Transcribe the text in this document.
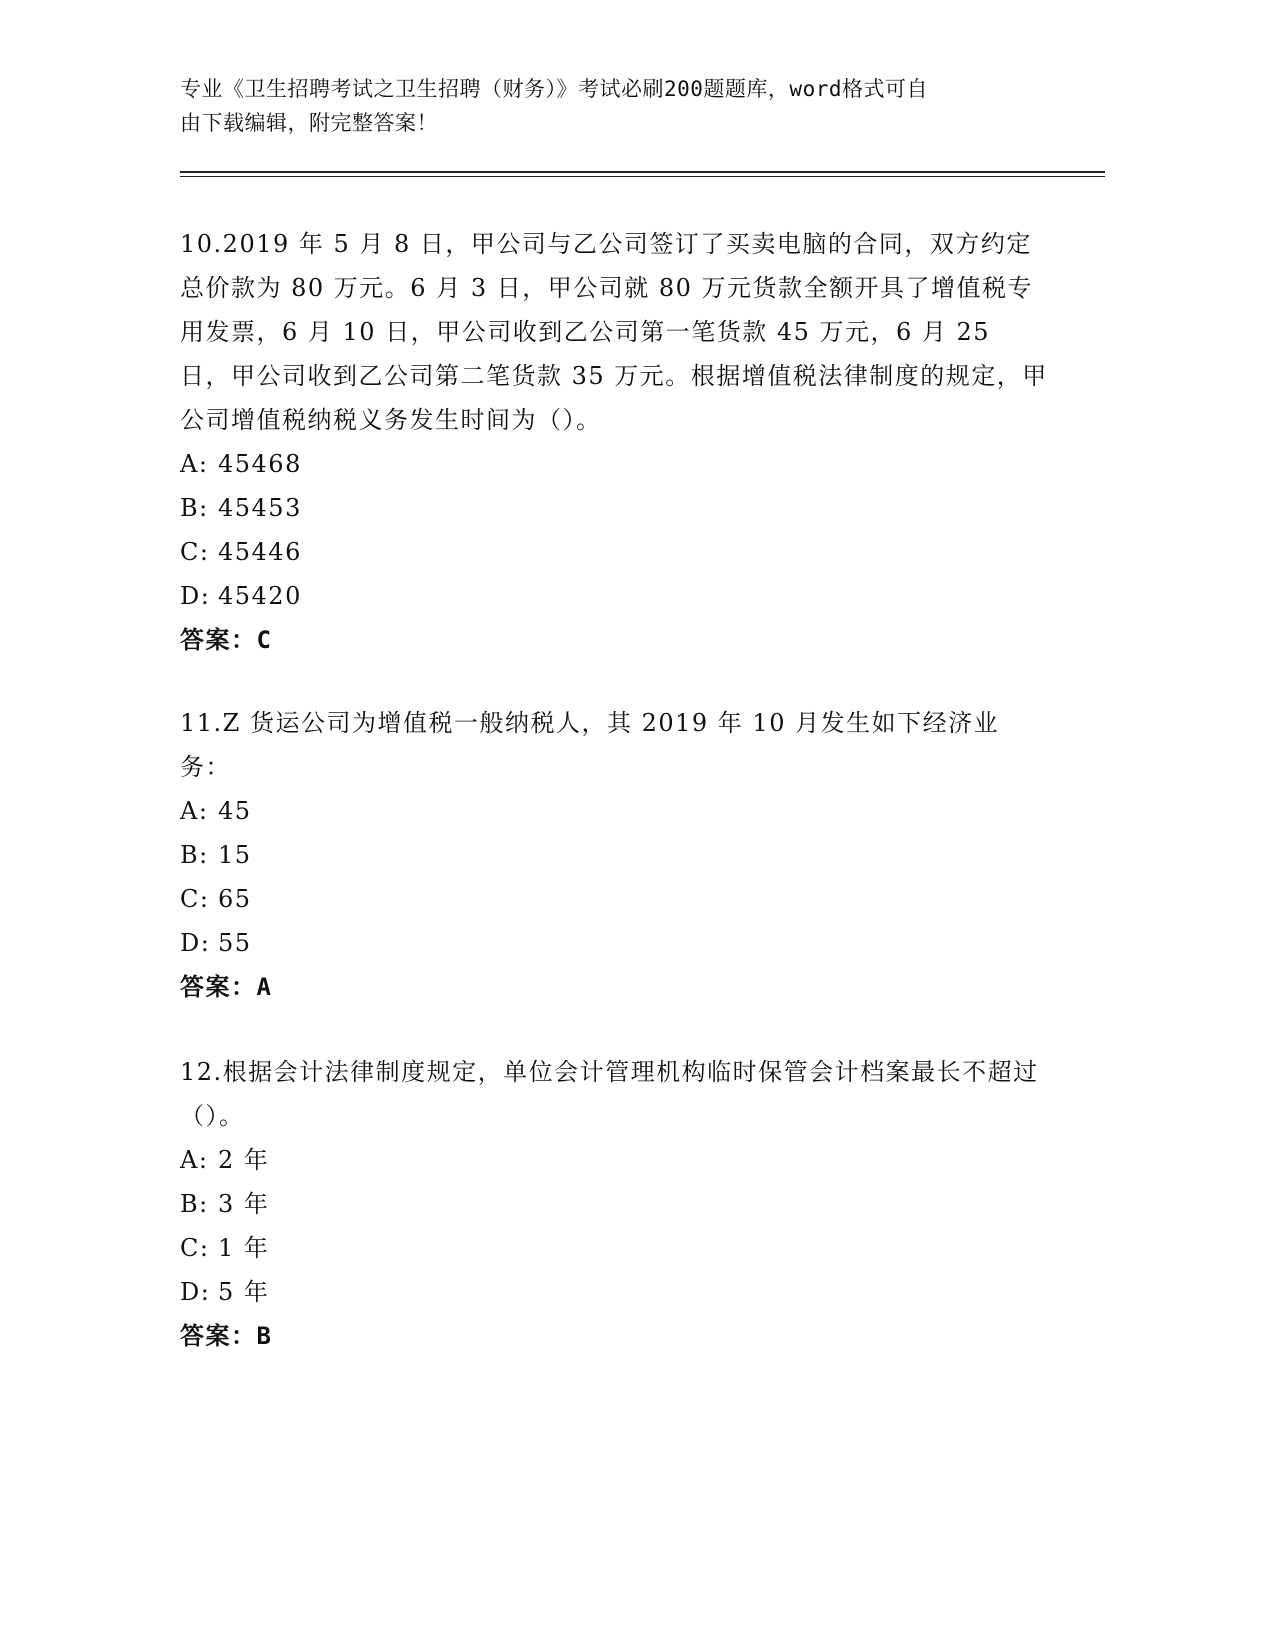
专业《卫生招聘考试之卫生招聘（财务）》考试必刷200题题库，word格式可自
由下载编辑，附完整答案！

10.2019 年 5 月 8 日，甲公司与乙公司签订了买卖电脑的合同，双方约定总价款为 80 万元。6 月 3 日，甲公司就 80 万元货款全额开具了增值税专用发票，6 月 10 日，甲公司收到乙公司第一笔货款 45 万元，6 月 25 日，甲公司收到乙公司第二笔货款 35 万元。根据增值税法律制度的规定，甲公司增值税纳税义务发生时间为（）。

A: 45468
B: 45453
C: 45446
D: 45420
答案：C

11.Z 货运公司为增值税一般纳税人，其 2019 年 10 月发生如下经济业务：

A: 45
B: 15
C: 65
D: 55
答案：A

12.根据会计法律制度规定，单位会计管理机构临时保管会计档案最长不超过（）。

A: 2 年
B: 3 年
C: 1 年
D: 5 年
答案：B
